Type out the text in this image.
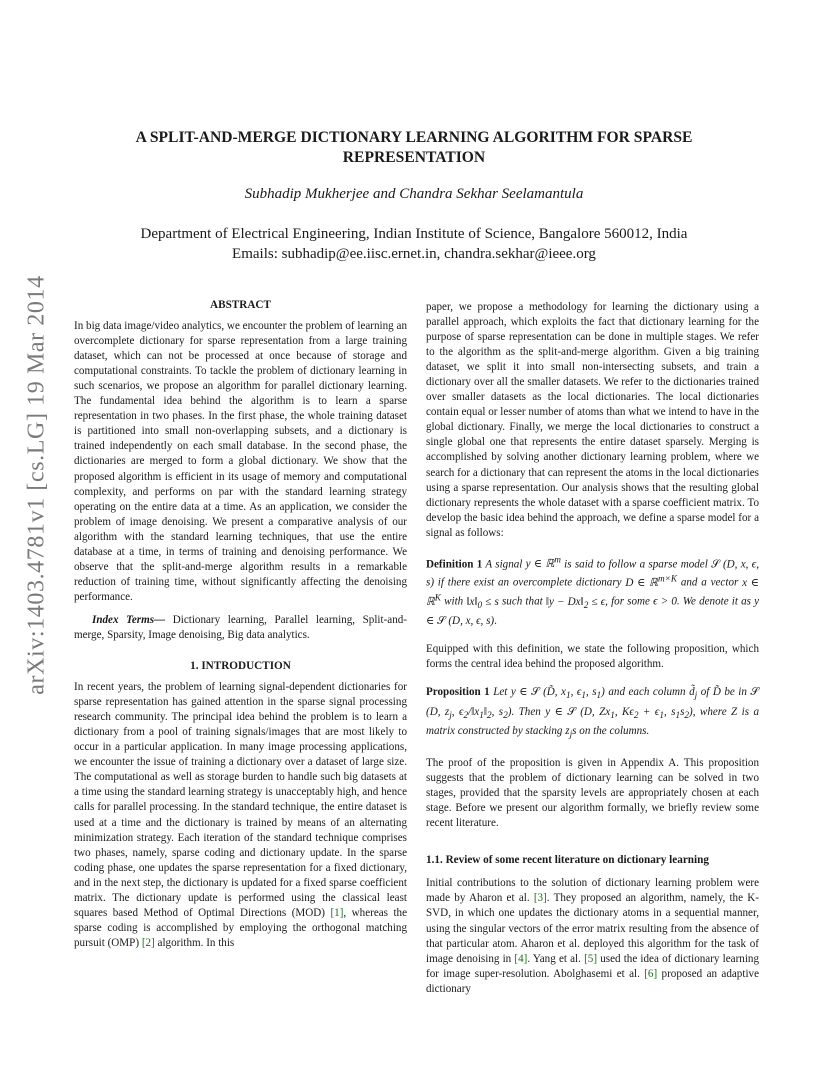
arXiv:1403.4781v1 [cs.LG] 19 Mar 2014
A SPLIT-AND-MERGE DICTIONARY LEARNING ALGORITHM FOR SPARSE REPRESENTATION
Subhadip Mukherjee and Chandra Sekhar Seelamantula
Department of Electrical Engineering, Indian Institute of Science, Bangalore 560012, India
Emails: subhadip@ee.iisc.ernet.in, chandra.sekhar@ieee.org
ABSTRACT

In big data image/video analytics, we encounter the problem of learning an overcomplete dictionary for sparse representation from a large training dataset, which can not be processed at once because of storage and computational constraints. To tackle the problem of dictionary learning in such scenarios, we propose an algorithm for parallel dictionary learning. The fundamental idea behind the algorithm is to learn a sparse representation in two phases. In the first phase, the whole training dataset is partitioned into small non-overlapping subsets, and a dictionary is trained independently on each small database. In the second phase, the dictionaries are merged to form a global dictionary. We show that the proposed algorithm is efficient in its usage of memory and computational complexity, and performs on par with the standard learning strategy operating on the entire data at a time. As an application, we consider the problem of image denoising. We present a comparative analysis of our algorithm with the standard learning techniques, that use the entire database at a time, in terms of training and denoising performance. We observe that the split-and-merge algorithm results in a remarkable reduction of training time, without significantly affecting the denoising performance.

Index Terms— Dictionary learning, Parallel learning, Split-and-merge, Sparsity, Image denoising, Big data analytics.

1. INTRODUCTION

In recent years, the problem of learning signal-dependent dictionaries for sparse representation has gained attention in the sparse signal processing research community. The principal idea behind the problem is to learn a dictionary from a pool of training signals/images that are most likely to occur in a particular application. In many image processing applications, we encounter the issue of training a dictionary over a dataset of large size. The computational as well as storage burden to handle such big datasets at a time using the standard learning strategy is unacceptably high, and hence calls for parallel processing. In the standard technique, the entire dataset is used at a time and the dictionary is trained by means of an alternating minimization strategy. Each iteration of the standard technique comprises two phases, namely, sparse coding and dictionary update. In the sparse coding phase, one updates the sparse representation for a fixed dictionary, and in the next step, the dictionary is updated for a fixed sparse coefficient matrix. The dictionary update is performed using the classical least squares based Method of Optimal Directions (MOD) [1], whereas the sparse coding is accomplished by employing the orthogonal matching pursuit (OMP) [2] algorithm. In this

paper, we propose a methodology for learning the dictionary using a parallel approach, which exploits the fact that dictionary learning for the purpose of sparse representation can be done in multiple stages. We refer to the algorithm as the split-and-merge algorithm. Given a big training dataset, we split it into small non-intersecting subsets, and train a dictionary over all the smaller datasets. We refer to the dictionaries trained over smaller datasets as the local dictionaries. The local dictionaries contain equal or lesser number of atoms than what we intend to have in the global dictionary. Finally, we merge the local dictionaries to construct a single global one that represents the entire dataset sparsely. Merging is accomplished by solving another dictionary learning problem, where we search for a dictionary that can represent the atoms in the local dictionaries using a sparse representation. Our analysis shows that the resulting global dictionary represents the whole dataset with a sparse coefficient matrix. To develop the basic idea behind the approach, we define a sparse model for a signal as follows:

Definition 1 A signal y ∈ ℝ$^m$ is said to follow a sparse model 𝒮 (D, x, ϵ, s) if there exist an overcomplete dictionary D ∈ ℝ$^{m\times K}$ and a vector x ∈ ℝ$^K$ with $‖x‖_0 \le s$ such that ‖y − $Dx‖_2 \le \epsilon$, for some ϵ > 0. We denote it as y ∈ 𝒮 (D, x, ϵ, s).

Equipped with this definition, we state the following proposition, which forms the central idea behind the proposed algorithm.

Proposition 1 Let y ∈ 𝒮 (D̃, $x_1$, $\epsilon_1$, $s_1$) and each column $d̃_j$ of D̃ be in 𝒮 (D, $z_j$, $\epsilon_2/‖x_1‖_2$, $s_2$). Then y ∈ 𝒮 (D, $Zx_1$, $K\epsilon_2 + \epsilon_1$, $s_1s_2$), where Z is a matrix constructed by stacking $z_js$ on the columns.

The proof of the proposition is given in Appendix A. This proposition suggests that the problem of dictionary learning can be solved in two stages, provided that the sparsity levels are appropriately chosen at each stage. Before we present our algorithm formally, we briefly review some recent literature.

1.1. Review of some recent literature on dictionary learning

Initial contributions to the solution of dictionary learning problem were made by Aharon et al. [3]. They proposed an algorithm, namely, the K-SVD, in which one updates the dictionary atoms in a sequential manner, using the singular vectors of the error matrix resulting from the absence of that particular atom. Aharon et al. deployed this algorithm for the task of image denoising in [4]. Yang et al. [5] used the idea of dictionary learning for image super-resolution. Abolghasemi et al. [6] proposed an adaptive dictionary
